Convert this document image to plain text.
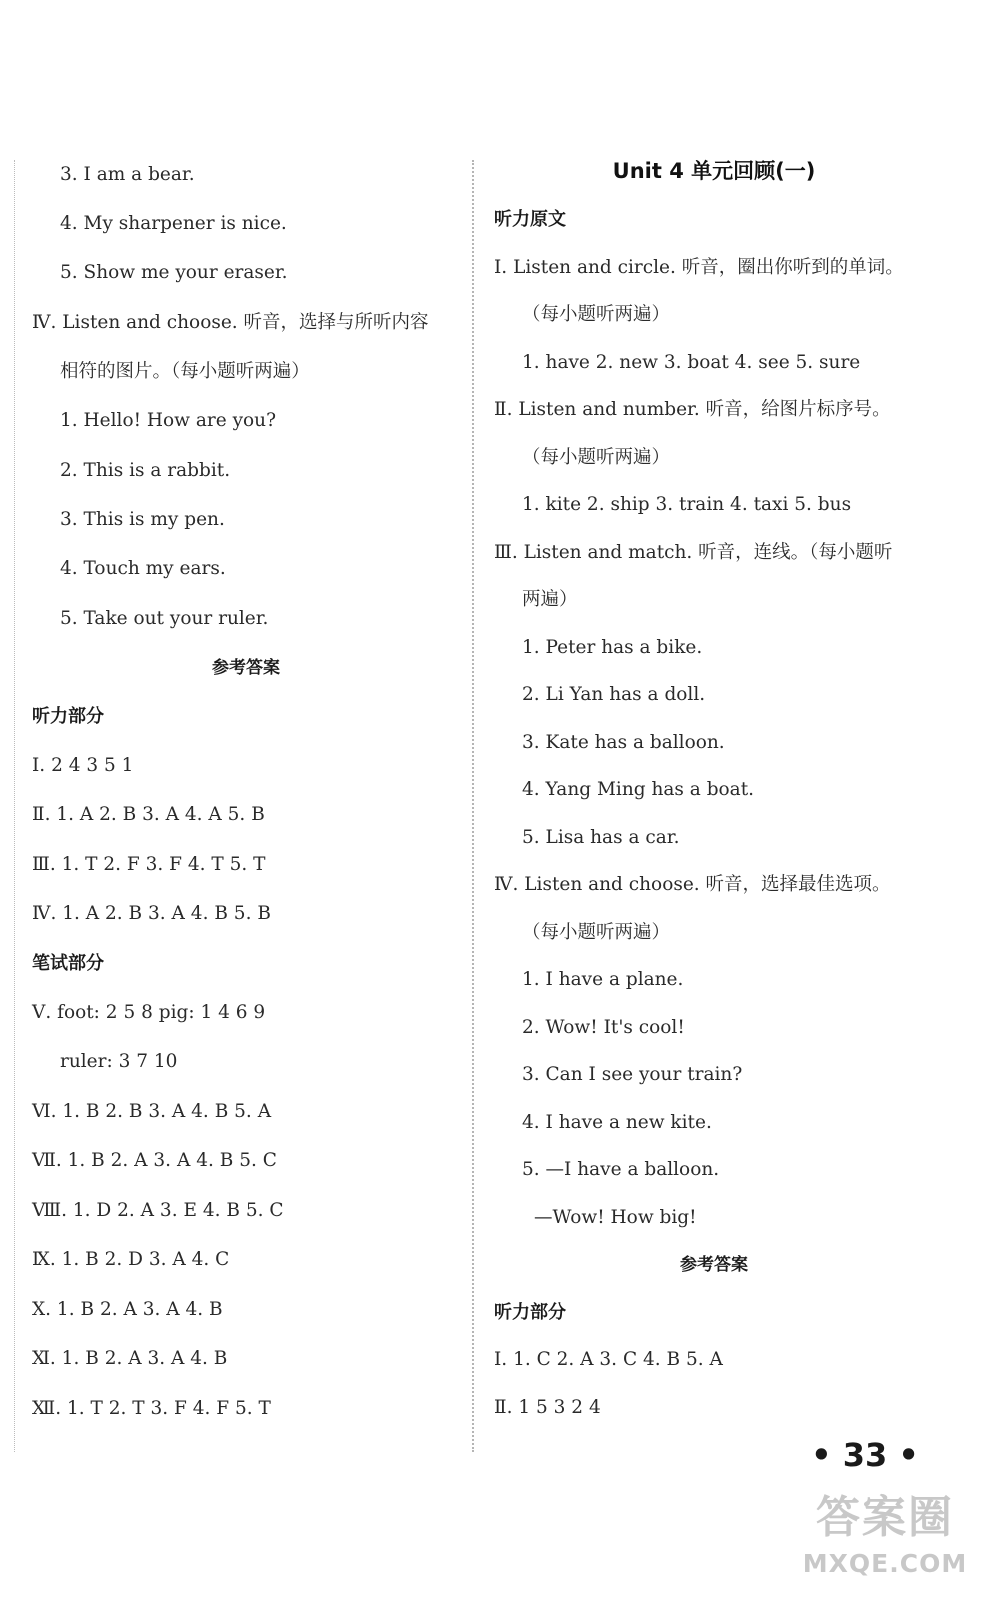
3. I am a bear.
4. My sharpener is nice.
5. Show me your eraser.
Ⅳ. Listen and choose. 听音，选择与所听内容
相符的图片。（每小题听两遍）
1. Hello! How are you?
2. This is a rabbit.
3. This is my pen.
4. Touch my ears.
5. Take out your ruler.
参考答案
听力部分
Ⅰ. 2 4 3 5 1
Ⅱ. 1. A 2. B 3. A 4. A 5. B
Ⅲ. 1. T 2. F 3. F 4. T 5. T
Ⅳ. 1. A 2. B 3. A 4. B 5. B
笔试部分
Ⅴ. foot: 2 5 8 pig: 1 4 6 9
ruler: 3 7 10
Ⅵ. 1. B 2. B 3. A 4. B 5. A
Ⅶ. 1. B 2. A 3. A 4. B 5. C
Ⅷ. 1. D 2. A 3. E 4. B 5. C
Ⅸ. 1. B 2. D 3. A 4. C
Ⅹ. 1. B 2. A 3. A 4. B
Ⅺ. 1. B 2. A 3. A 4. B
Ⅻ. 1. T 2. T 3. F 4. F 5. T
Unit 4 单元回顾(一)
听力原文
Ⅰ. Listen and circle. 听音，圈出你听到的单词。
（每小题听两遍）
1. have 2. new 3. boat 4. see 5. sure
Ⅱ. Listen and number. 听音，给图片标序号。
（每小题听两遍）
1. kite 2. ship 3. train 4. taxi 5. bus
Ⅲ. Listen and match. 听音，连线。（每小题听
两遍）
1. Peter has a bike.
2. Li Yan has a doll.
3. Kate has a balloon.
4. Yang Ming has a boat.
5. Lisa has a car.
Ⅳ. Listen and choose. 听音，选择最佳选项。
（每小题听两遍）
1. I have a plane.
2. Wow! It's cool!
3. Can I see your train?
4. I have a new kite.
5. —I have a balloon.
—Wow! How big!
参考答案
听力部分
Ⅰ. 1. C 2. A 3. C 4. B 5. A
Ⅱ. 1 5 3 2 4
• 33 •
答案圈
MXQE.COM
